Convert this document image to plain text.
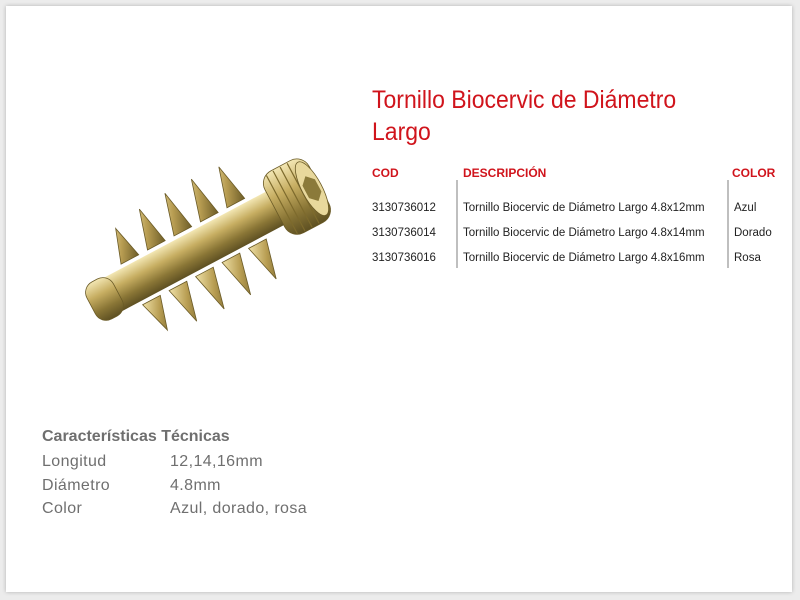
Tornillo Biocervic de Diámetro Largo
COD	DESCRIPCIÓN	COLOR
3130736012 Tornillo Biocervic de Diámetro Largo 4.8x12mm	Azul
3130736014 Tornillo Biocervic de Diámetro Largo 4.8x14mm	Dorado
3130736016 Tornillo Biocervic de Diámetro Largo 4.8x16mm	Rosa
Características Técnicas
Longitud	12,14,16mm
Diámetro	4.8mm
Color	Azul, dorado, rosa
